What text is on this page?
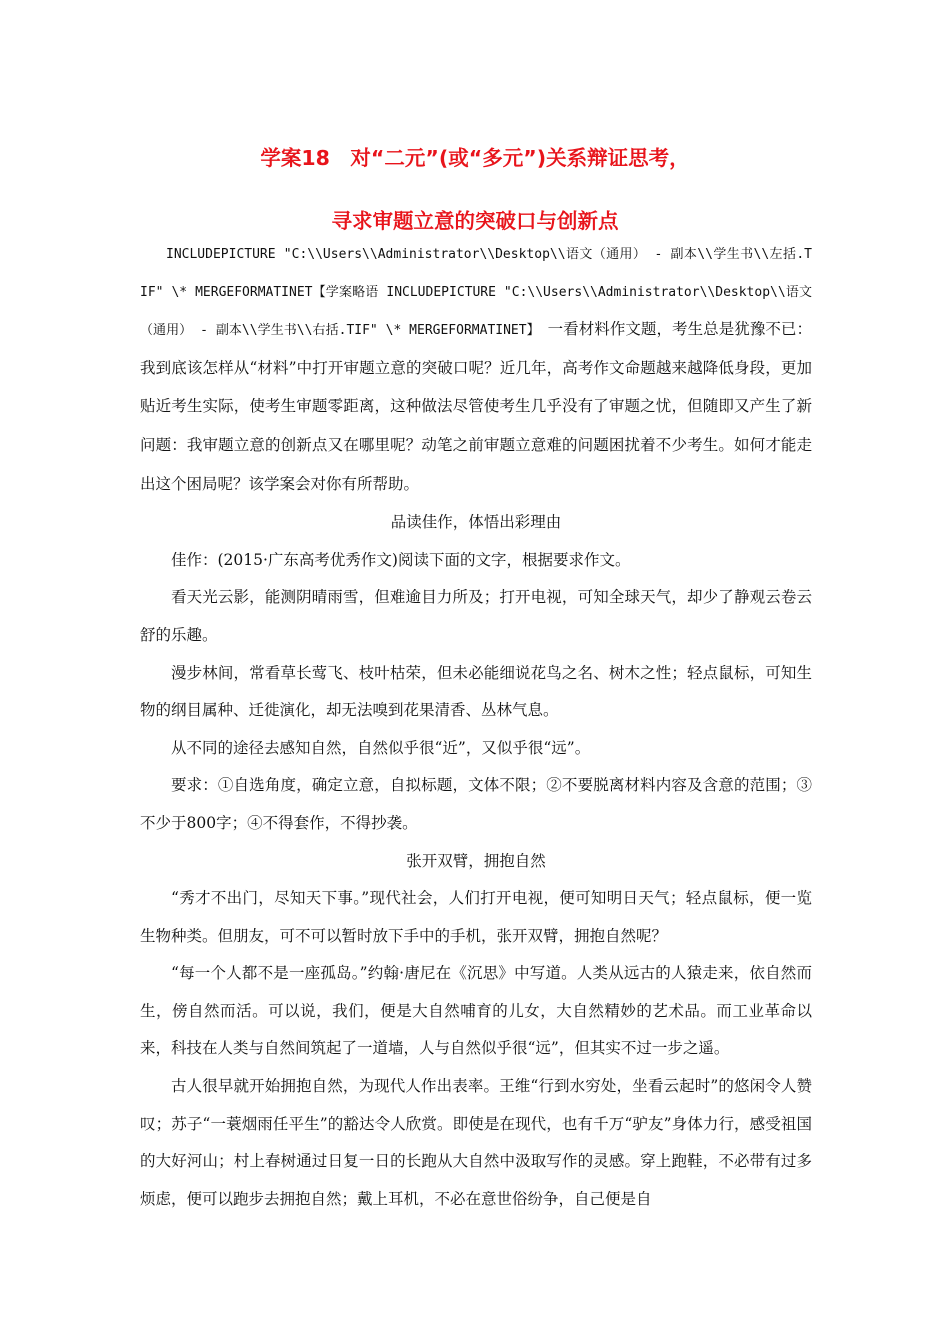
学案18　对“二元”(或“多元”)关系辩证思考，
寻求审题立意的突破口与创新点

INCLUDEPICTURE "C:\\Users\\Administrator\\Desktop\\语文（通用） - 副本\\学生书\\左括.TIF" \* MERGEFORMATINET【学案略语 INCLUDEPICTURE "C:\\Users\\Administrator\\Desktop\\语文（通用） - 副本\\学生书\\右括.TIF" \* MERGEFORMATINET】 一看材料作文题，考生总是犹豫不已：我到底该怎样从“材料”中打开审题立意的突破口呢？近几年，高考作文命题越来越降低身段，更加贴近考生实际，使考生审题零距离，这种做法尽管使考生几乎没有了审题之忧，但随即又产生了新问题：我审题立意的创新点又在哪里呢？动笔之前审题立意难的问题困扰着不少考生。如何才能走出这个困局呢？该学案会对你有所帮助。

品读佳作，体悟出彩理由

佳作：(2015·广东高考优秀作文)阅读下面的文字，根据要求作文。

看天光云影，能测阴晴雨雪，但难逾目力所及；打开电视，可知全球天气，却少了静观云卷云舒的乐趣。

漫步林间，常看草长莺飞、枝叶枯荣，但未必能细说花鸟之名、树木之性；轻点鼠标，可知生物的纲目属种、迁徙演化，却无法嗅到花果清香、丛林气息。

从不同的途径去感知自然，自然似乎很“近”，又似乎很“远”。

要求：①自选角度，确定立意，自拟标题，文体不限；②不要脱离材料内容及含意的范围；③不少于800字；④不得套作，不得抄袭。

张开双臂，拥抱自然

“秀才不出门，尽知天下事。”现代社会，人们打开电视，便可知明日天气；轻点鼠标，便一览生物种类。但朋友，可不可以暂时放下手中的手机，张开双臂，拥抱自然呢？

“每一个人都不是一座孤岛。”约翰·唐尼在《沉思》中写道。人类从远古的人猿走来，依自然而生，傍自然而活。可以说，我们，便是大自然哺育的儿女，大自然精妙的艺术品。而工业革命以来，科技在人类与自然间筑起了一道墙，人与自然似乎很“远”，但其实不过一步之遥。

古人很早就开始拥抱自然，为现代人作出表率。王维“行到水穷处，坐看云起时”的悠闲令人赞叹；苏子“一蓑烟雨任平生”的豁达令人欣赏。即使是在现代，也有千万“驴友”身体力行，感受祖国的大好河山；村上春树通过日复一日的长跑从大自然中汲取写作的灵感。穿上跑鞋，不必带有过多烦虑，便可以跑步去拥抱自然；戴上耳机，不必在意世俗纷争，自己便是自
